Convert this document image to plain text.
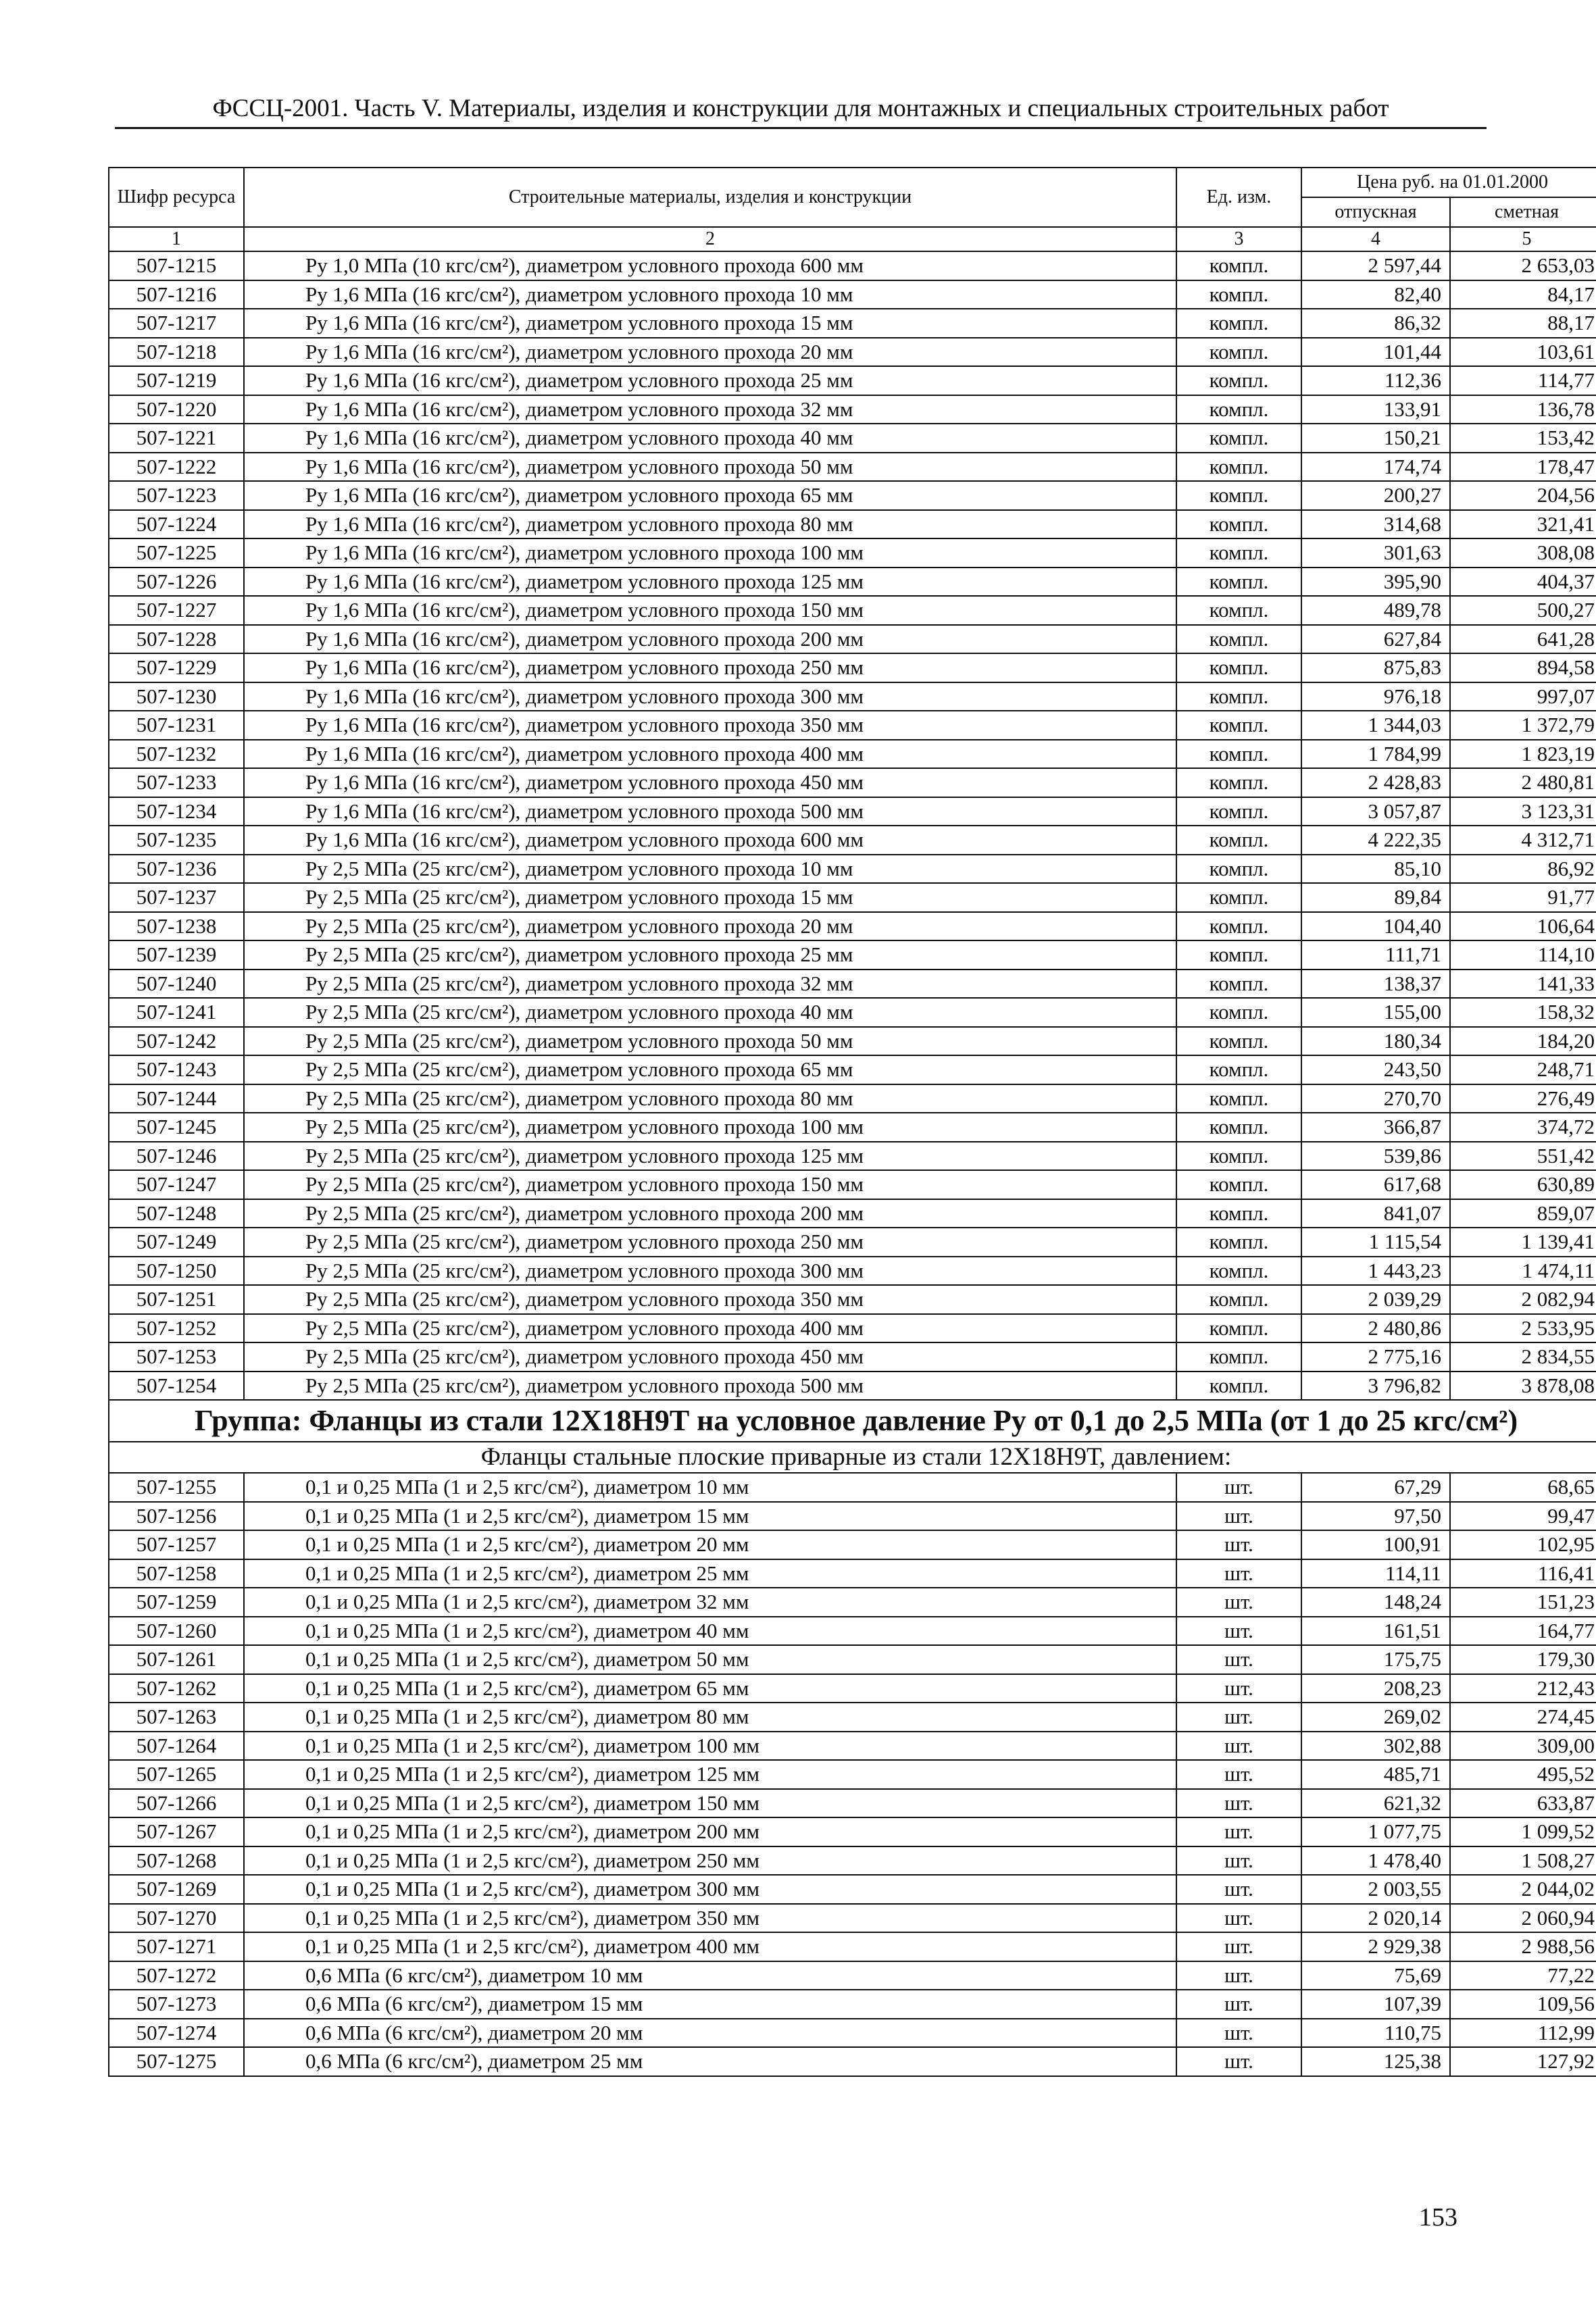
ФССЦ-2001. Часть V. Материалы, изделия и конструкции для монтажных и специальных строительных работ
Шифр ресурса	Строительные материалы, изделия и конструкции	Ед. изм.	Цена руб. на 01.01.2000	
			отпускная	сметная
1	2	3	4	5
507-1215	Ру 1,0 МПа (10 кгс/см²), диаметром условного прохода 600 мм	компл.	2 597,44	2 653,03
507-1216	Ру 1,6 МПа (16 кгс/см²), диаметром условного прохода 10 мм	компл.	82,40	84,17
507-1217	Ру 1,6 МПа (16 кгс/см²), диаметром условного прохода 15 мм	компл.	86,32	88,17
507-1218	Ру 1,6 МПа (16 кгс/см²), диаметром условного прохода 20 мм	компл.	101,44	103,61
507-1219	Ру 1,6 МПа (16 кгс/см²), диаметром условного прохода 25 мм	компл.	112,36	114,77
507-1220	Ру 1,6 МПа (16 кгс/см²), диаметром условного прохода 32 мм	компл.	133,91	136,78
507-1221	Ру 1,6 МПа (16 кгс/см²), диаметром условного прохода 40 мм	компл.	150,21	153,42
507-1222	Ру 1,6 МПа (16 кгс/см²), диаметром условного прохода 50 мм	компл.	174,74	178,47
507-1223	Ру 1,6 МПа (16 кгс/см²), диаметром условного прохода 65 мм	компл.	200,27	204,56
507-1224	Ру 1,6 МПа (16 кгс/см²), диаметром условного прохода 80 мм	компл.	314,68	321,41
507-1225	Ру 1,6 МПа (16 кгс/см²), диаметром условного прохода 100 мм	компл.	301,63	308,08
507-1226	Ру 1,6 МПа (16 кгс/см²), диаметром условного прохода 125 мм	компл.	395,90	404,37
507-1227	Ру 1,6 МПа (16 кгс/см²), диаметром условного прохода 150 мм	компл.	489,78	500,27
507-1228	Ру 1,6 МПа (16 кгс/см²), диаметром условного прохода 200 мм	компл.	627,84	641,28
507-1229	Ру 1,6 МПа (16 кгс/см²), диаметром условного прохода 250 мм	компл.	875,83	894,58
507-1230	Ру 1,6 МПа (16 кгс/см²), диаметром условного прохода 300 мм	компл.	976,18	997,07
507-1231	Ру 1,6 МПа (16 кгс/см²), диаметром условного прохода 350 мм	компл.	1 344,03	1 372,79
507-1232	Ру 1,6 МПа (16 кгс/см²), диаметром условного прохода 400 мм	компл.	1 784,99	1 823,19
507-1233	Ру 1,6 МПа (16 кгс/см²), диаметром условного прохода 450 мм	компл.	2 428,83	2 480,81
507-1234	Ру 1,6 МПа (16 кгс/см²), диаметром условного прохода 500 мм	компл.	3 057,87	3 123,31
507-1235	Ру 1,6 МПа (16 кгс/см²), диаметром условного прохода 600 мм	компл.	4 222,35	4 312,71
507-1236	Ру 2,5 МПа (25 кгс/см²), диаметром условного прохода 10 мм	компл.	85,10	86,92
507-1237	Ру 2,5 МПа (25 кгс/см²), диаметром условного прохода 15 мм	компл.	89,84	91,77
507-1238	Ру 2,5 МПа (25 кгс/см²), диаметром условного прохода 20 мм	компл.	104,40	106,64
507-1239	Ру 2,5 МПа (25 кгс/см²), диаметром условного прохода 25 мм	компл.	111,71	114,10
507-1240	Ру 2,5 МПа (25 кгс/см²), диаметром условного прохода 32 мм	компл.	138,37	141,33
507-1241	Ру 2,5 МПа (25 кгс/см²), диаметром условного прохода 40 мм	компл.	155,00	158,32
507-1242	Ру 2,5 МПа (25 кгс/см²), диаметром условного прохода 50 мм	компл.	180,34	184,20
507-1243	Ру 2,5 МПа (25 кгс/см²), диаметром условного прохода 65 мм	компл.	243,50	248,71
507-1244	Ру 2,5 МПа (25 кгс/см²), диаметром условного прохода 80 мм	компл.	270,70	276,49
507-1245	Ру 2,5 МПа (25 кгс/см²), диаметром условного прохода 100 мм	компл.	366,87	374,72
507-1246	Ру 2,5 МПа (25 кгс/см²), диаметром условного прохода 125 мм	компл.	539,86	551,42
507-1247	Ру 2,5 МПа (25 кгс/см²), диаметром условного прохода 150 мм	компл.	617,68	630,89
507-1248	Ру 2,5 МПа (25 кгс/см²), диаметром условного прохода 200 мм	компл.	841,07	859,07
507-1249	Ру 2,5 МПа (25 кгс/см²), диаметром условного прохода 250 мм	компл.	1 115,54	1 139,41
507-1250	Ру 2,5 МПа (25 кгс/см²), диаметром условного прохода 300 мм	компл.	1 443,23	1 474,11
507-1251	Ру 2,5 МПа (25 кгс/см²), диаметром условного прохода 350 мм	компл.	2 039,29	2 082,94
507-1252	Ру 2,5 МПа (25 кгс/см²), диаметром условного прохода 400 мм	компл.	2 480,86	2 533,95
507-1253	Ру 2,5 МПа (25 кгс/см²), диаметром условного прохода 450 мм	компл.	2 775,16	2 834,55
507-1254	Ру 2,5 МПа (25 кгс/см²), диаметром условного прохода 500 мм	компл.	3 796,82	3 878,08
Группа: Фланцы из стали 12Х18Н9Т на условное давление Ру от 0,1 до 2,5 МПа (от 1 до 25 кгс/см²)				
Фланцы стальные плоские приварные из стали 12Х18Н9Т, давлением:				
507-1255	0,1 и 0,25 МПа (1 и 2,5 кгс/см²), диаметром 10 мм	шт.	67,29	68,65
507-1256	0,1 и 0,25 МПа (1 и 2,5 кгс/см²), диаметром 15 мм	шт.	97,50	99,47
507-1257	0,1 и 0,25 МПа (1 и 2,5 кгс/см²), диаметром 20 мм	шт.	100,91	102,95
507-1258	0,1 и 0,25 МПа (1 и 2,5 кгс/см²), диаметром 25 мм	шт.	114,11	116,41
507-1259	0,1 и 0,25 МПа (1 и 2,5 кгс/см²), диаметром 32 мм	шт.	148,24	151,23
507-1260	0,1 и 0,25 МПа (1 и 2,5 кгс/см²), диаметром 40 мм	шт.	161,51	164,77
507-1261	0,1 и 0,25 МПа (1 и 2,5 кгс/см²), диаметром 50 мм	шт.	175,75	179,30
507-1262	0,1 и 0,25 МПа (1 и 2,5 кгс/см²), диаметром 65 мм	шт.	208,23	212,43
507-1263	0,1 и 0,25 МПа (1 и 2,5 кгс/см²), диаметром 80 мм	шт.	269,02	274,45
507-1264	0,1 и 0,25 МПа (1 и 2,5 кгс/см²), диаметром 100 мм	шт.	302,88	309,00
507-1265	0,1 и 0,25 МПа (1 и 2,5 кгс/см²), диаметром 125 мм	шт.	485,71	495,52
507-1266	0,1 и 0,25 МПа (1 и 2,5 кгс/см²), диаметром 150 мм	шт.	621,32	633,87
507-1267	0,1 и 0,25 МПа (1 и 2,5 кгс/см²), диаметром 200 мм	шт.	1 077,75	1 099,52
507-1268	0,1 и 0,25 МПа (1 и 2,5 кгс/см²), диаметром 250 мм	шт.	1 478,40	1 508,27
507-1269	0,1 и 0,25 МПа (1 и 2,5 кгс/см²), диаметром 300 мм	шт.	2 003,55	2 044,02
507-1270	0,1 и 0,25 МПа (1 и 2,5 кгс/см²), диаметром 350 мм	шт.	2 020,14	2 060,94
507-1271	0,1 и 0,25 МПа (1 и 2,5 кгс/см²), диаметром 400 мм	шт.	2 929,38	2 988,56
507-1272	0,6 МПа (6 кгс/см²), диаметром 10 мм	шт.	75,69	77,22
507-1273	0,6 МПа (6 кгс/см²), диаметром 15 мм	шт.	107,39	109,56
507-1274	0,6 МПа (6 кгс/см²), диаметром 20 мм	шт.	110,75	112,99
507-1275	0,6 МПа (6 кгс/см²), диаметром 25 мм	шт.	125,38	127,92
153
